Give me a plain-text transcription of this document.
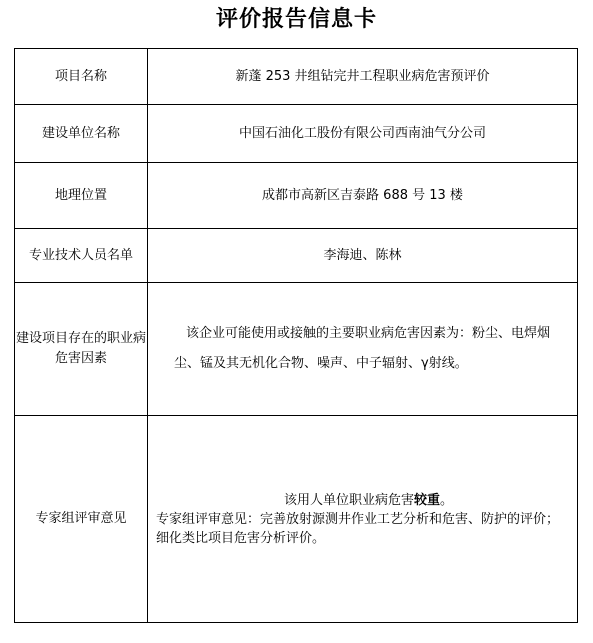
评价报告信息卡
项目名称	新蓬 253 井组钻完井工程职业病危害预评价
建设单位名称	中国石油化工股份有限公司西南油气分公司
地理位置	成都市高新区吉泰路 688 号 13 楼
专业技术人员名单	李海迪、陈林
建设项目存在的职业病危害因素	该企业可能使用或接触的主要职业病危害因素为：粉尘、电焊烟尘、锰及其无机化合物、噪声、中子辐射、γ射线。

专家组评审意见	该用人单位职业病危害较重。
专家组评审意见：完善放射源测井作业工艺分析和危害、防护的评价；细化类比项目危害分析评价。
